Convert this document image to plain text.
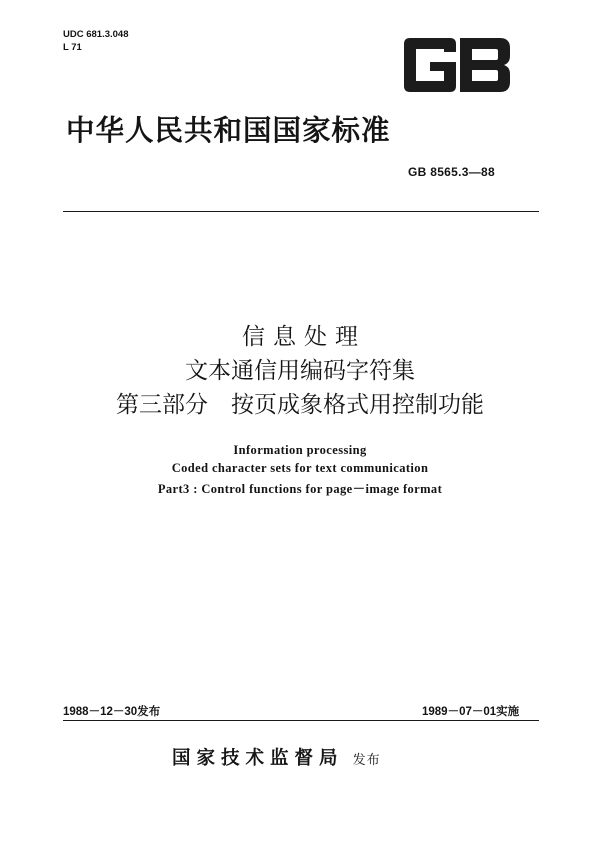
UDC 681.3.048
L 71
中华人民共和国国家标准
GB 8565.3—88
信息处理
文本通信用编码字符集
第三部分　按页成象格式用控制功能
Information processing
Coded character sets for text communication
Part3 : Control functions for page－image format
1988－12－30发布	1989－07－01实施
国家技术监督局 发布
